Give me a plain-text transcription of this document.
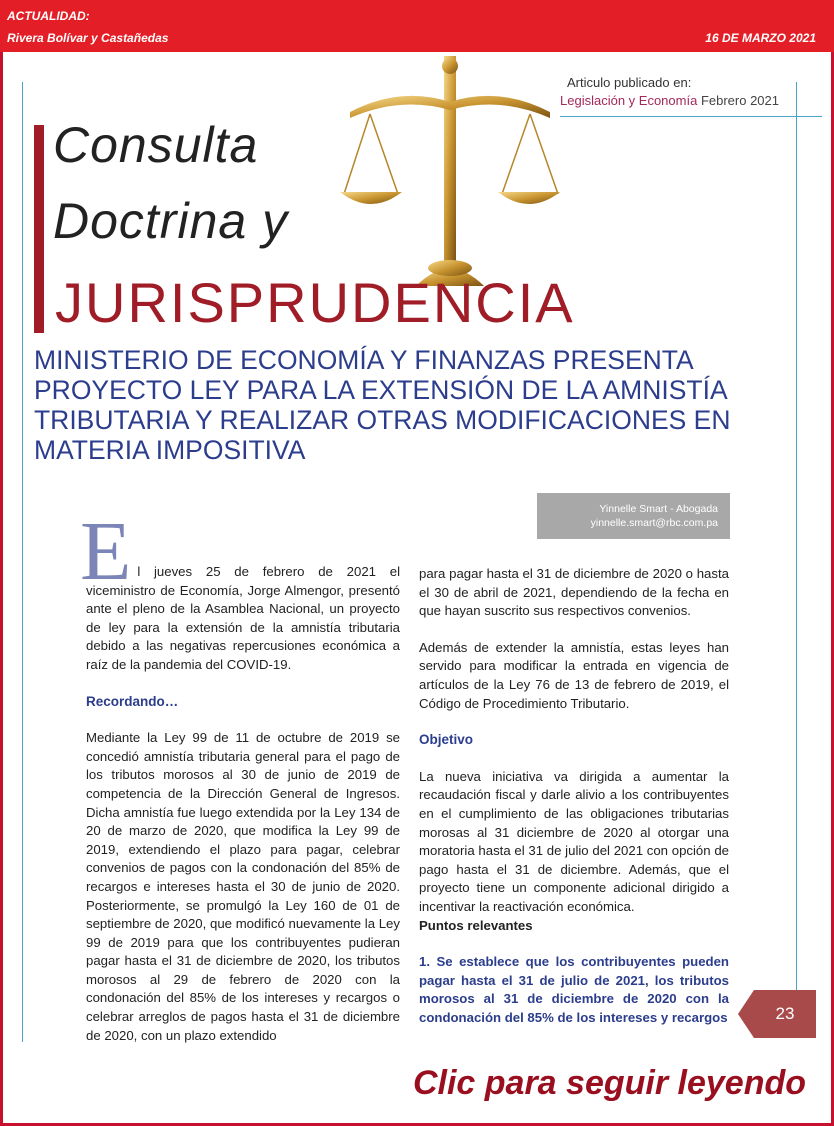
ACTUALIDAD:
Rivera Bolívar y Castañedas	16 DE MARZO 2021
Articulo publicado en:
Legislación y Economía Febrero 2021
Consulta
Doctrina y
JURISPRUDENCIA
MINISTERIO DE ECONOMÍA Y FINANZAS PRESENTA PROYECTO LEY PARA LA EXTENSIÓN DE LA AMNISTÍA TRIBUTARIA Y REALIZAR OTRAS MODIFICACIONES EN MATERIA IMPOSITIVA
Yinnelle Smart - Abogada
yinnelle.smart@rbc.com.pa

El jueves 25 de febrero de 2021 el viceministro de Economía, Jorge Almengor, presentó ante el pleno de la Asamblea Nacional, un proyecto de ley para la extensión de la amnistía tributaria debido a las negativas repercusiones económica a raíz de la pandemia del COVID-19.

Recordando…

Mediante la Ley 99 de 11 de octubre de 2019 se concedió amnistía tributaria general para el pago de los tributos morosos al 30 de junio de 2019 de competencia de la Dirección General de Ingresos. Dicha amnistía fue luego extendida por la Ley 134 de 20 de marzo de 2020, que modifica la Ley 99 de 2019, extendiendo el plazo para pagar, celebrar convenios de pagos con la condonación del 85% de recargos e intereses hasta el 30 de junio de 2020. Posteriormente, se promulgó la Ley 160 de 01 de septiembre de 2020, que modificó nuevamente la Ley 99 de 2019 para que los contribuyentes pudieran pagar hasta el 31 de diciembre de 2020, los tributos morosos al 29 de febrero de 2020 con la condonación del 85% de los intereses y recargos o celebrar arreglos de pagos hasta el 31 de diciembre de 2020, con un plazo extendido

para pagar hasta el 31 de diciembre de 2020 o hasta el 30 de abril de 2021, dependiendo de la fecha en que hayan suscrito sus respectivos convenios.

Además de extender la amnistía, estas leyes han servido para modificar la entrada en vigencia de artículos de la Ley 76 de 13 de febrero de 2019, el Código de Procedimiento Tributario.

Objetivo

La nueva iniciativa va dirigida a aumentar la recaudación fiscal y darle alivio a los contribuyentes en el cumplimiento de las obligaciones tributarias morosas al 31 diciembre de 2020 al otorgar una moratoria hasta el 31 de julio del 2021 con opción de pago hasta el 31 de diciembre. Además, que el proyecto tiene un componente adicional dirigido a incentivar la reactivación económica.

Puntos relevantes

1. Se establece que los contribuyentes pueden pagar hasta el 31 de julio de 2021, los tributos morosos al 31 de diciembre de 2020 con la condonación del 85% de los intereses y recargos	23
Clic para seguir leyendo
